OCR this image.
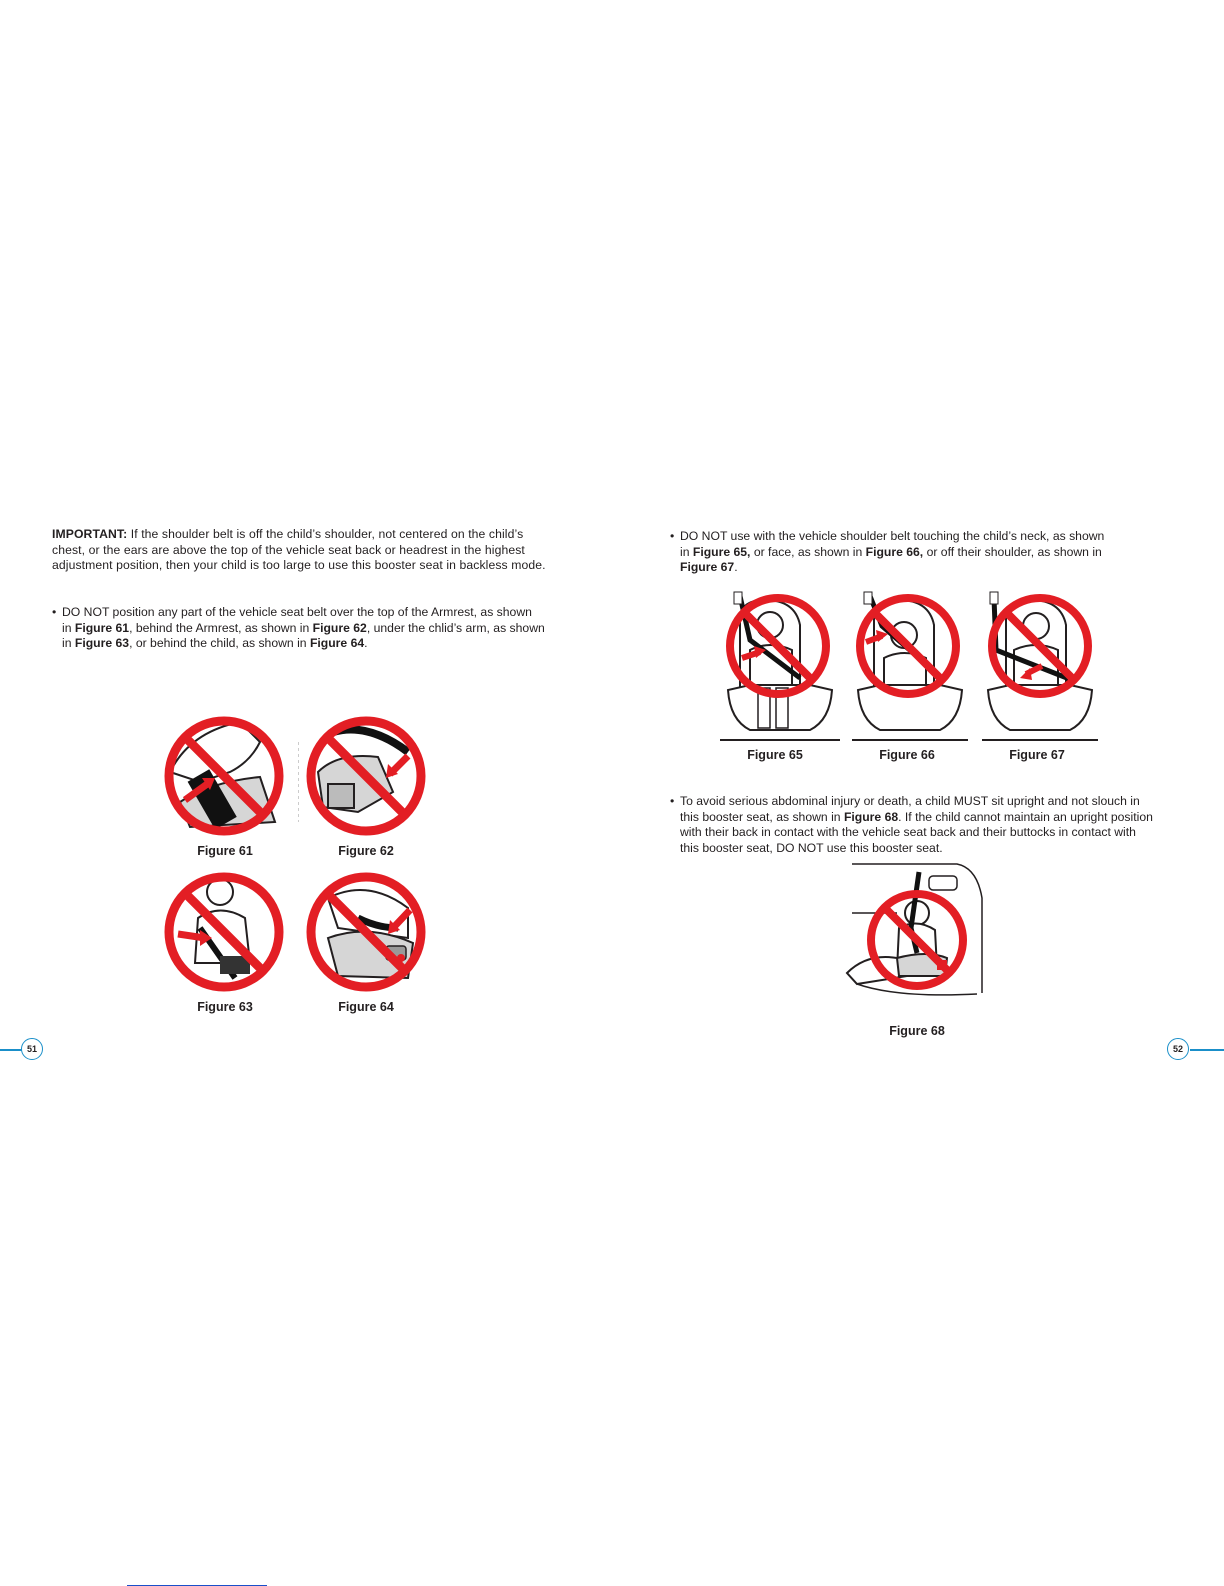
IMPORTANT: If the shoulder belt is off the child’s shoulder, not centered on the child’s
chest, or the ears are above the top of the vehicle seat back or headrest in the highest
adjustment position, then your child is too large to use this booster seat in backless mode.
• DO NOT position any part of the vehicle seat belt over the top of the Armrest, as shown
in Figure 61, behind the Armrest, as shown in Figure 62, under the chlid’s arm, as shown
in Figure 63, or behind the child, as shown in Figure 64.
Figure 61	Figure 62
Figure 63	Figure 64
51
• DO NOT use with the vehicle shoulder belt touching the child’s neck, as shown
in Figure 65, or face, as shown in Figure 66, or off their shoulder, as shown in
Figure 67.
Figure 65	Figure 66	Figure 67
• To avoid serious abdominal injury or death, a child MUST sit upright and not slouch in
this booster seat, as shown in Figure 68. If the child cannot maintain an upright position
with their back in contact with the vehicle seat back and their buttocks in contact with
this booster seat, DO NOT use this booster seat.
Figure 68
52
